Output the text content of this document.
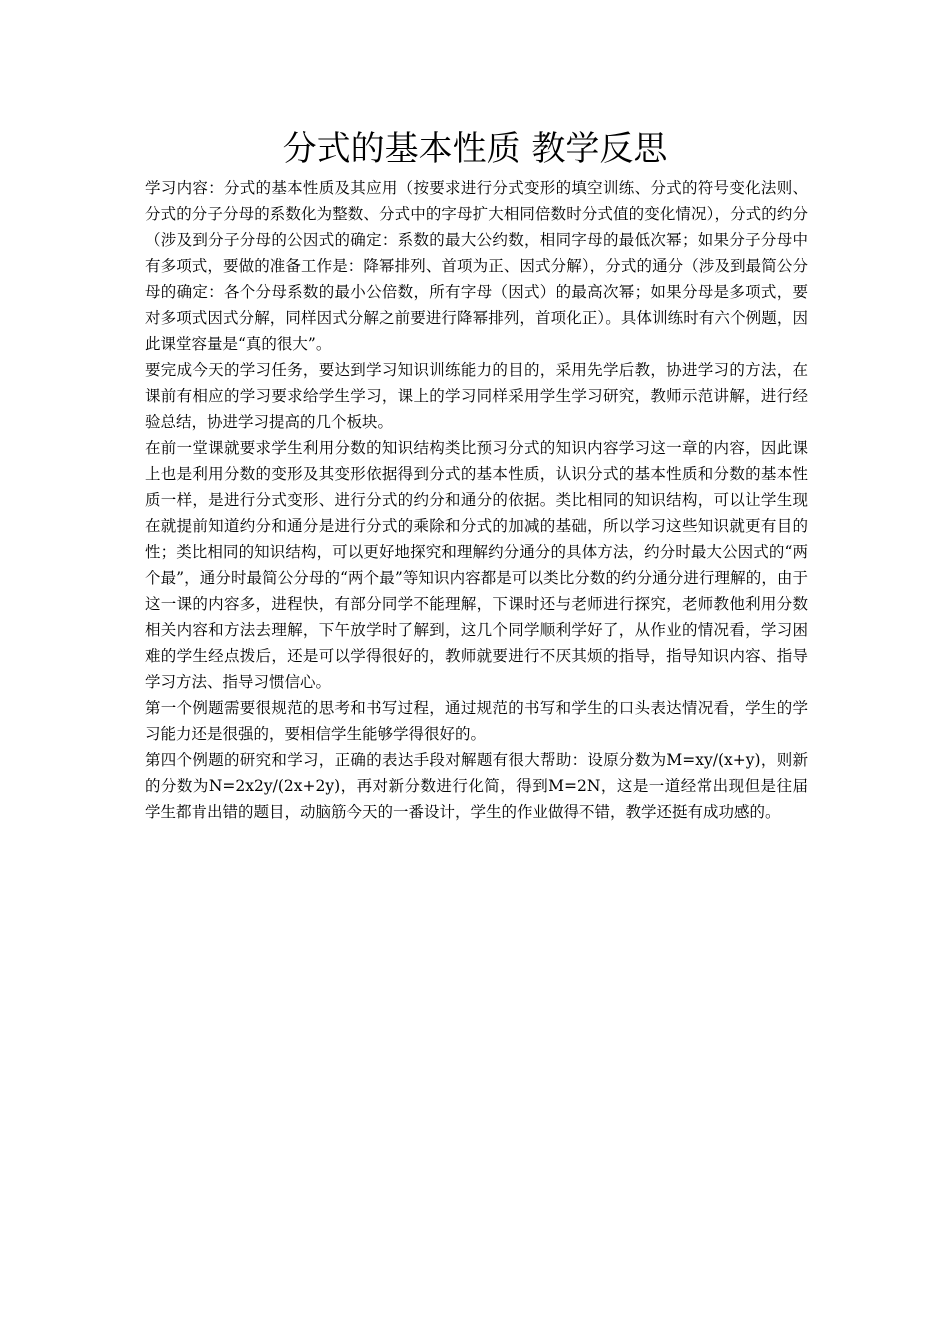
分式的基本性质 教学反思

学习内容：分式的基本性质及其应用（按要求进行分式变形的填空训练、分式的符号变化法则、分式的分子分母的系数化为整数、分式中的字母扩大相同倍数时分式值的变化情况），分式的约分（涉及到分子分母的公因式的确定：系数的最大公约数，相同字母的最低次幂；如果分子分母中有多项式，要做的准备工作是：降幂排列、首项为正、因式分解），分式的通分（涉及到最简公分母的确定：各个分母系数的最小公倍数，所有字母（因式）的最高次幂；如果分母是多项式，要对多项式因式分解，同样因式分解之前要进行降幂排列，首项化正）。具体训练时有六个例题，因此课堂容量是“真的很大”。

要完成今天的学习任务，要达到学习知识训练能力的目的，采用先学后教，协进学习的方法，在课前有相应的学习要求给学生学习，课上的学习同样采用学生学习研究，教师示范讲解，进行经验总结，协进学习提高的几个板块。

在前一堂课就要求学生利用分数的知识结构类比预习分式的知识内容学习这一章的内容，因此课上也是利用分数的变形及其变形依据得到分式的基本性质，认识分式的基本性质和分数的基本性质一样，是进行分式变形、进行分式的约分和通分的依据。类比相同的知识结构，可以让学生现在就提前知道约分和通分是进行分式的乘除和分式的加减的基础，所以学习这些知识就更有目的性；类比相同的知识结构，可以更好地探究和理解约分通分的具体方法，约分时最大公因式的“两个最”，通分时最简公分母的“两个最”等知识内容都是可以类比分数的约分通分进行理解的，由于这一课的内容多，进程快，有部分同学不能理解，下课时还与老师进行探究，老师教他利用分数相关内容和方法去理解，下午放学时了解到，这几个同学顺利学好了，从作业的情况看，学习困难的学生经点拨后，还是可以学得很好的，教师就要进行不厌其烦的指导，指导知识内容、指导学习方法、指导习惯信心。

第一个例题需要很规范的思考和书写过程，通过规范的书写和学生的口头表达情况看，学生的学习能力还是很强的，要相信学生能够学得很好的。

第四个例题的研究和学习，正确的表达手段对解题有很大帮助：设原分数为M=xy/(x+y)，则新的分数为N=2x2y/(2x+2y)，再对新分数进行化简，得到M=2N，这是一道经常出现但是往届学生都肯出错的题目，动脑筋今天的一番设计，学生的作业做得不错，教学还挺有成功感的。
